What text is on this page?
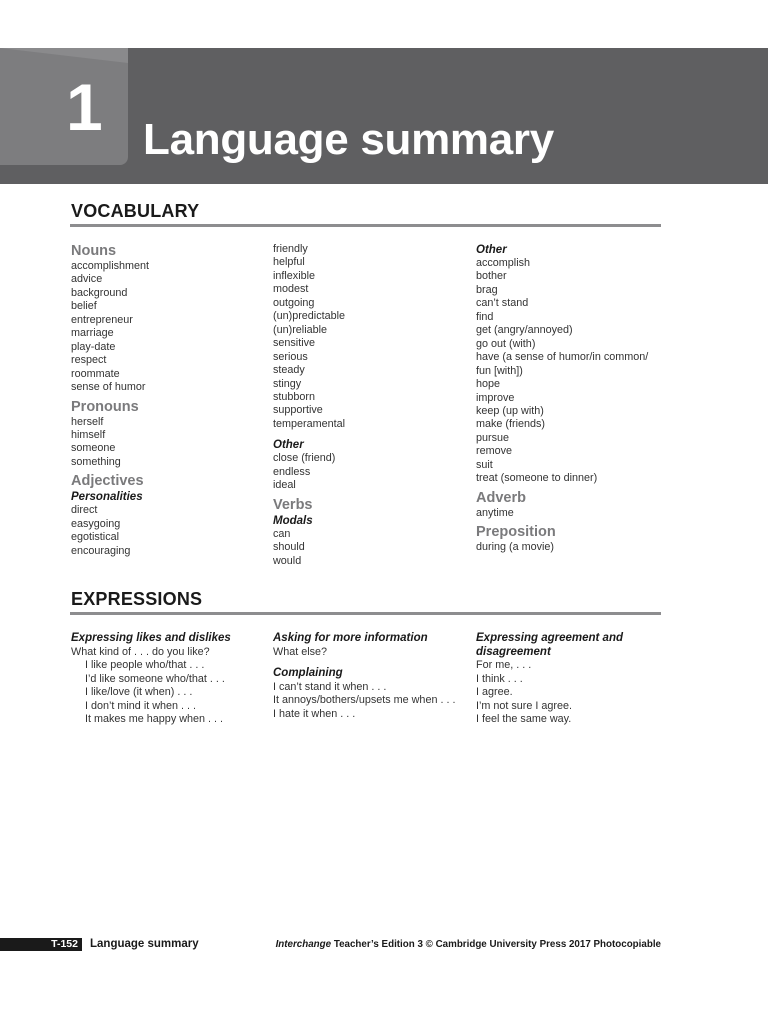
1 Language summary
VOCABULARY
Nouns
accomplishment
advice
background
belief
entrepreneur
marriage
play-date
respect
roommate
sense of humor
Pronouns
herself
himself
someone
something
Adjectives
Personalities
direct
easygoing
egotistical
encouraging
friendly
helpful
inflexible
modest
outgoing
(un)predictable
(un)reliable
sensitive
serious
steady
stingy
stubborn
supportive
temperamental
Other
close (friend)
endless
ideal
Verbs
Modals
can
should
would
Other
accomplish
bother
brag
can’t stand
find
get (angry/annoyed)
go out (with)
have (a sense of humor/in common/
fun [with])
hope
improve
keep (up with)
make (friends)
pursue
remove
suit
treat (someone to dinner)
Adverb
anytime
Preposition
during (a movie)
EXPRESSIONS
Expressing likes and dislikes
What kind of . . . do you like?
I like people who/that . . .
I’d like someone who/that . . .
I like/love (it when) . . .
I don’t mind it when . . .
It makes me happy when . . .
Asking for more information
What else?
Complaining
I can’t stand it when . . .
It annoys/bothers/upsets me when . . .
I hate it when . . .
Expressing agreement and disagreement
For me, . . .
I think . . .
I agree.
I’m not sure I agree.
I feel the same way.
T-152	Language summary	Interchange Teacher’s Edition 3 © Cambridge University Press 2017 Photocopiable
